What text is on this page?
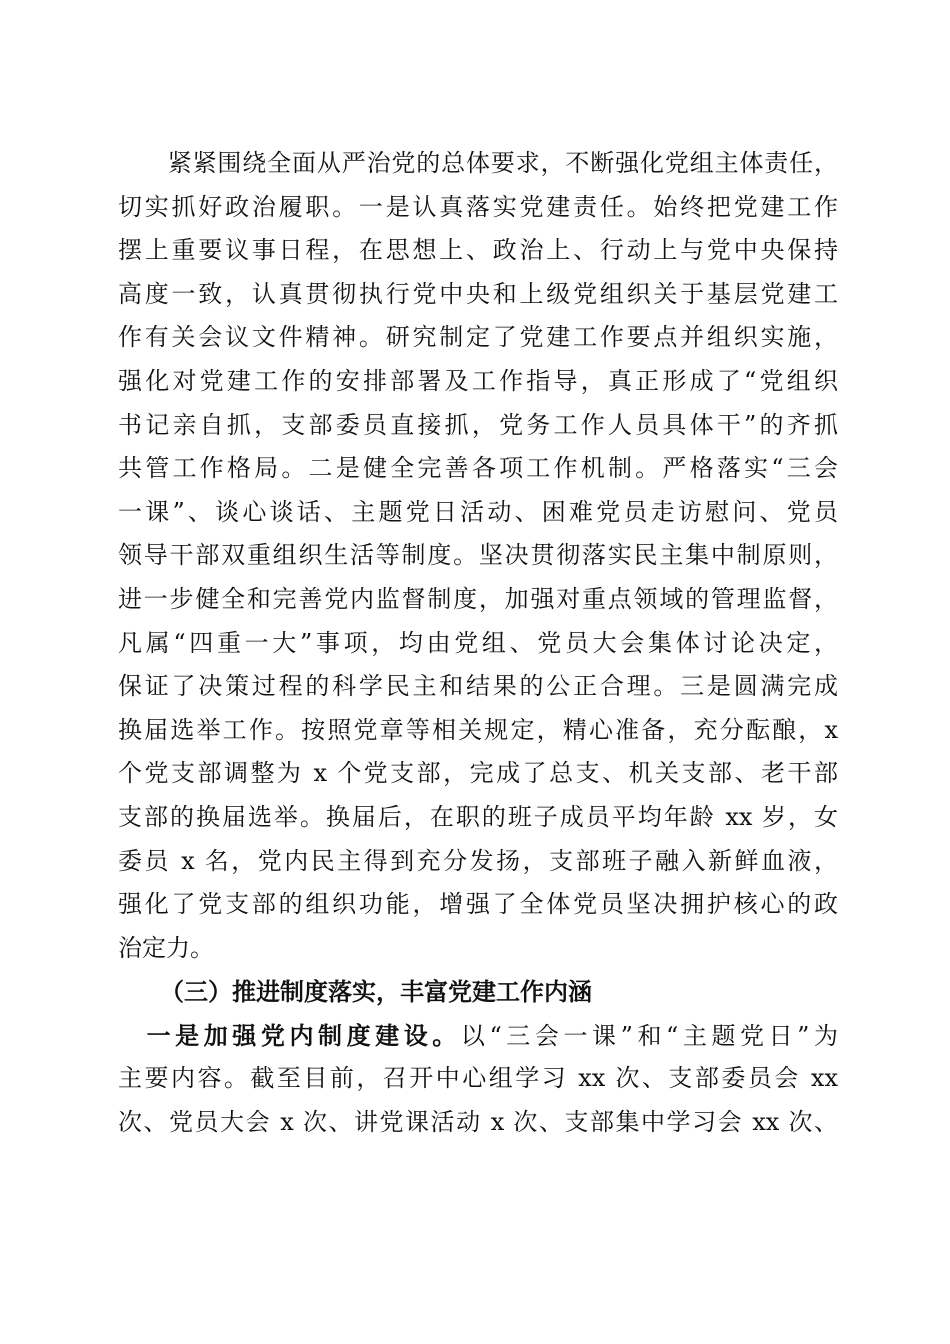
　　紧紧围绕全面从严治党的总体要求，不断强化党组主体责任，
切实抓好政治履职。一是认真落实党建责任。始终把党建工作
摆上重要议事日程，在思想上、政治上、行动上与党中央保持
高度一致，认真贯彻执行党中央和上级党组织关于基层党建工
作有关会议文件精神。研究制定了党建工作要点并组织实施，
强化对党建工作的安排部署及工作指导，真正形成了“党组织
书记亲自抓，支部委员直接抓，党务工作人员具体干”的齐抓
共管工作格局。二是健全完善各项工作机制。严格落实“三会
一课”、谈心谈话、主题党日活动、困难党员走访慰问、党员
领导干部双重组织生活等制度。坚决贯彻落实民主集中制原则，
进一步健全和完善党内监督制度，加强对重点领域的管理监督，
凡属“四重一大”事项，均由党组、党员大会集体讨论决定，
保证了决策过程的科学民主和结果的公正合理。三是圆满完成
换届选举工作。按照党章等相关规定，精心准备，充分酝酿，x
个党支部调整为 x 个党支部，完成了总支、机关支部、老干部
支部的换届选举。换届后，在职的班子成员平均年龄 xx 岁，女
委员 x 名，党内民主得到充分发扬，支部班子融入新鲜血液，
强化了党支部的组织功能，增强了全体党员坚决拥护核心的政
治定力。
（三）推进制度落实，丰富党建工作内涵
　一是加强党内制度建设。以“三会一课”和“主题党日”为
主要内容。截至目前，召开中心组学习 xx 次、支部委员会 xx
次、党员大会 x 次、讲党课活动 x 次、支部集中学习会 xx 次、
